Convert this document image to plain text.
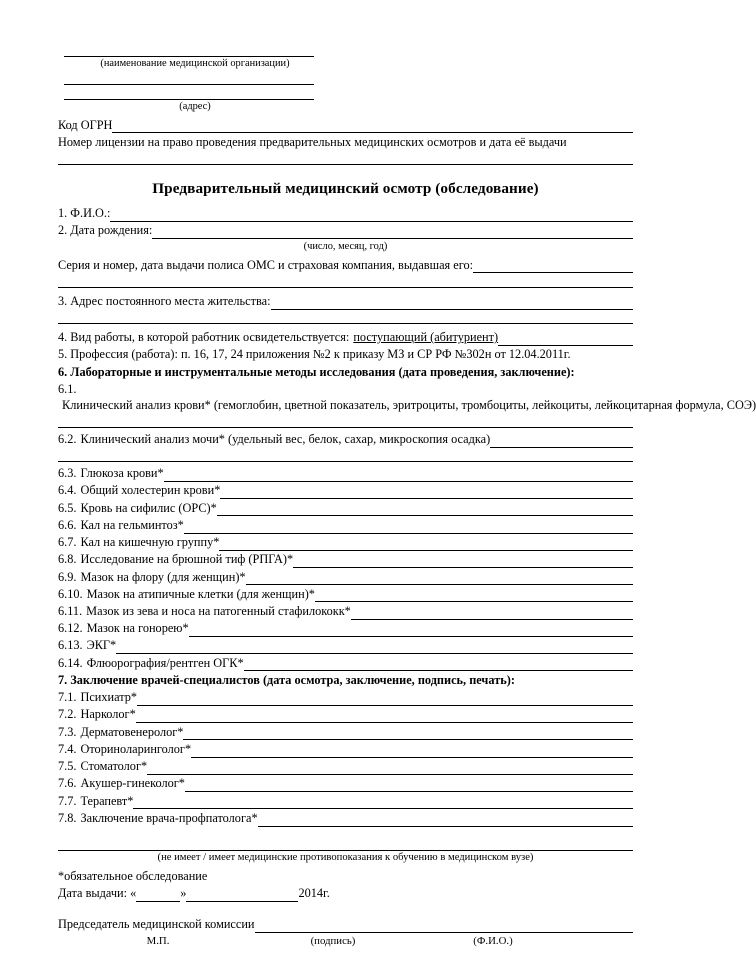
(наименование медицинской организации)
(адрес)
Код ОГРН
Номер лицензии на право проведения предварительных медицинских осмотров и дата её выдачи
Предварительный медицинский осмотр (обследование)
1. Ф.И.О.:
2. Дата рождения:
(число, месяц, год)
Серия и номер, дата выдачи полиса ОМС и страховая компания, выдавшая его:
3. Адрес постоянного места жительства:
4. Вид работы, в которой работник освидетельствуется: поступающий (абитуриент)
5. Профессия (работа): п. 16, 17, 24 приложения №2 к приказу МЗ и СР РФ №302н от 12.04.2011г.
6. Лабораторные и инструментальные методы исследования (дата проведения, заключение):
6.1. Клинический анализ крови* (гемоглобин, цветной показатель, эритроциты, тромбоциты, лейкоциты, лейкоцитарная формула, СОЭ)
6.2. Клинический анализ мочи* (удельный вес, белок, сахар, микроскопия осадка)
6.3. Глюкоза крови*
6.4. Общий холестерин крови*
6.5. Кровь на сифилис (ОРС)*
6.6. Кал на гельминтоз*
6.7. Кал на кишечную группу*
6.8. Исследование на брюшной тиф (РПГА)*
6.9. Мазок на флору (для женщин)*
6.10. Мазок на атипичные клетки (для женщин)*
6.11. Мазок из зева и носа на патогенный стафилококк*
6.12. Мазок на гонорею*
6.13. ЭКГ*
6.14. Флюорография/рентген ОГК*
7. Заключение врачей-специалистов (дата осмотра, заключение, подпись, печать):
7.1. Психиатр*
7.2. Нарколог*
7.3. Дерматовенеролог*
7.4. Оториноларинголог*
7.5. Стоматолог*
7.6. Акушер-гинеколог*
7.7. Терапевт*
7.8. Заключение врача-профпатолога*
(не имеет / имеет медицинские противопоказания к обучению в медицинском вузе)
*обязательное обследование
Дата выдачи: «	»	2014г.
Председатель медицинской комиссии
М.П.	(подпись)	(Ф.И.О.)
